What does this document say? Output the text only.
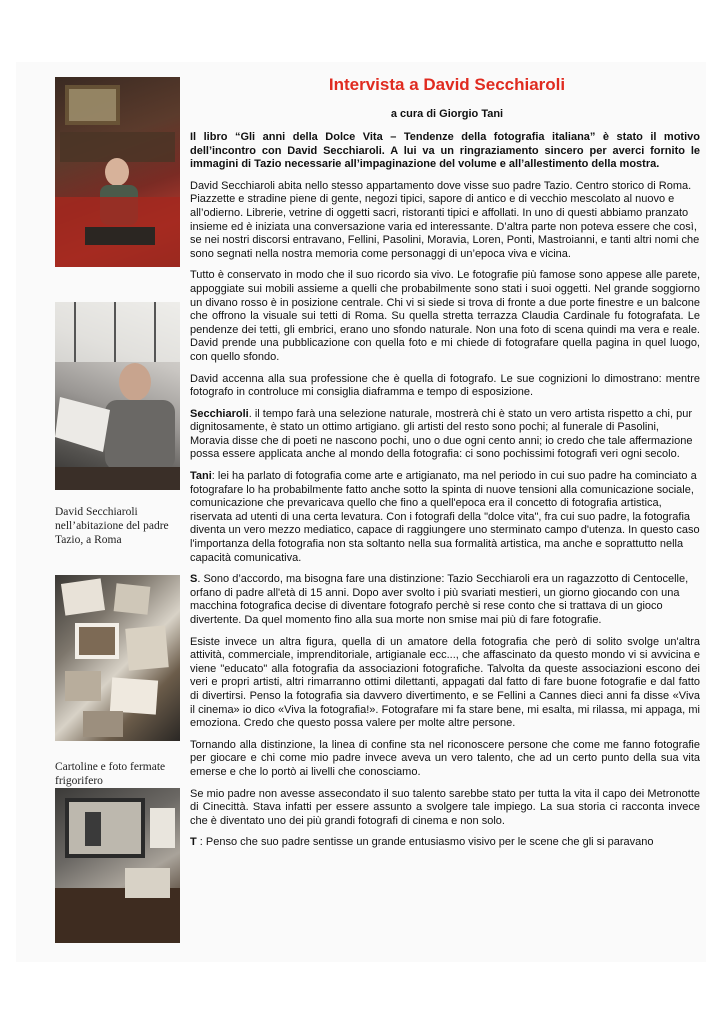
David Secchiaroli nell’abitazione del padre Tazio, a Roma
Cartoline e foto fermate frigorifero
Intervista a David Secchiaroli
a cura di Giorgio Tani

Il libro “Gli anni della Dolce Vita – Tendenze della fotografia italiana” è stato il motivo dell’incontro con David Secchiaroli. A lui va un ringraziamento sincero per averci fornito le immagini di Tazio necessarie all’impaginazione del volume e all’allestimento della mostra.

David Secchiaroli abita nello stesso appartamento dove visse suo padre Tazio. Centro storico di Roma. Piazzette e stradine piene di gente, negozi tipici, sapore di antico e di vecchio mescolato al nuovo e all’odierno. Librerie, vetrine di oggetti sacri, ristoranti tipici e affollati. In uno di questi abbiamo pranzato insieme ed è iniziata una conversazione varia ed interessante. D’altra parte non poteva essere che così, se nei nostri discorsi entravano, Fellini, Pasolini, Moravia, Loren, Ponti, Mastroianni, e tanti altri nomi che sono segnati nella nostra memoria come personaggi di un’epoca viva e vicina.

Tutto è conservato in modo che il suo ricordo sia vivo. Le fotografie più famose sono appese alle parete, appoggiate sui mobili assieme a quelli che probabilmente sono stati i suoi oggetti. Nel grande soggiorno un divano rosso è in posizione centrale. Chi vi si siede si trova di fronte a due porte finestre e un balcone che offrono la visuale sui tetti di Roma. Su quella stretta terrazza Claudia Cardinale fu fotografata. Le pendenze dei tetti, gli embrici, erano uno sfondo naturale. Non una foto di scena quindi ma vera e reale. David prende una pubblicazione con quella foto e mi chiede di fotografare quella pagina in quel luogo, con quello sfondo.

David accenna alla sua professione che è quella di fotografo. Le sue cognizioni lo dimostrano: mentre fotografo in controluce mi consiglia diaframma e tempo di esposizione.

Secchiaroli. il tempo farà una selezione naturale, mostrerà chi è stato un vero artista rispetto a chi, pur dignitosamente, è stato un ottimo artigiano. gli artisti del resto sono pochi; al funerale di Pasolini, Moravia disse che di poeti ne nascono pochi, uno o due ogni cento anni; io credo che tale affermazione possa essere applicata anche al mondo della fotografia: ci sono pochissimi fotografi veri ogni secolo.

Tani: lei ha parlato di fotografia come arte e artigianato, ma nel periodo in cui suo padre ha cominciato a fotografare lo ha probabilmente fatto anche sotto la spinta di nuove tensioni alla comunicazione sociale, comunicazione che prevaricava quello che fino a quell'epoca era il concetto di fotografia artistica, riservata ad utenti di una certa levatura. Con i fotografi della "dolce vita", fra cui suo padre, la fotografia diventa un vero mezzo mediatico, capace di raggiungere uno sterminato campo d'utenza. In questo caso l'importanza della fotografia non sta soltanto nella sua formalità artistica, ma anche e soprattutto nella capacità comunicativa.

S. Sono d’accordo, ma bisogna fare una distinzione: Tazio Secchiaroli era un ragazzotto di Centocelle, orfano di padre all'età di 15 anni. Dopo aver svolto i più svariati mestieri, un giorno giocando con una macchina fotografica decise di diventare fotografo perchè si rese conto che si trattava di un gioco divertente. Da quel momento fino alla sua morte non smise mai più di fare fotografie.

Esiste invece un altra figura, quella di un amatore della fotografia che però di solito svolge un'altra attività, commerciale, imprenditoriale, artigianale ecc..., che affascinato da questo mondo vi si avvicina e viene "educato" alla fotografia da associazioni fotografiche. Talvolta da queste associazioni escono dei veri e propri artisti, altri rimarranno ottimi dilettanti, appagati dal fatto di fare buone fotografie e dal fatto di divertirsi. Penso la fotografia sia davvero divertimento, e se Fellini a Cannes dieci anni fa disse «Viva il cinema» io dico «Viva la fotografia!». Fotografare mi fa stare bene, mi esalta, mi rilassa, mi appaga, mi emoziona. Credo che questo possa valere per molte altre persone.

Tornando alla distinzione, la linea di confine sta nel riconoscere persone che come me fanno fotografie per giocare e chi come mio padre invece aveva un vero talento, che ad un certo punto della sua vita emerse e che lo portò ai livelli che conosciamo.

Se mio padre non avesse assecondato il suo talento sarebbe stato per tutta la vita il capo dei Metronotte di Cinecittà. Stava infatti per essere assunto a svolgere tale impiego. La sua storia ci racconta invece che è diventato uno dei più grandi fotografi di cinema e non solo.

T : Penso che suo padre sentisse un grande entusiasmo visivo per le scene che gli si paravano
